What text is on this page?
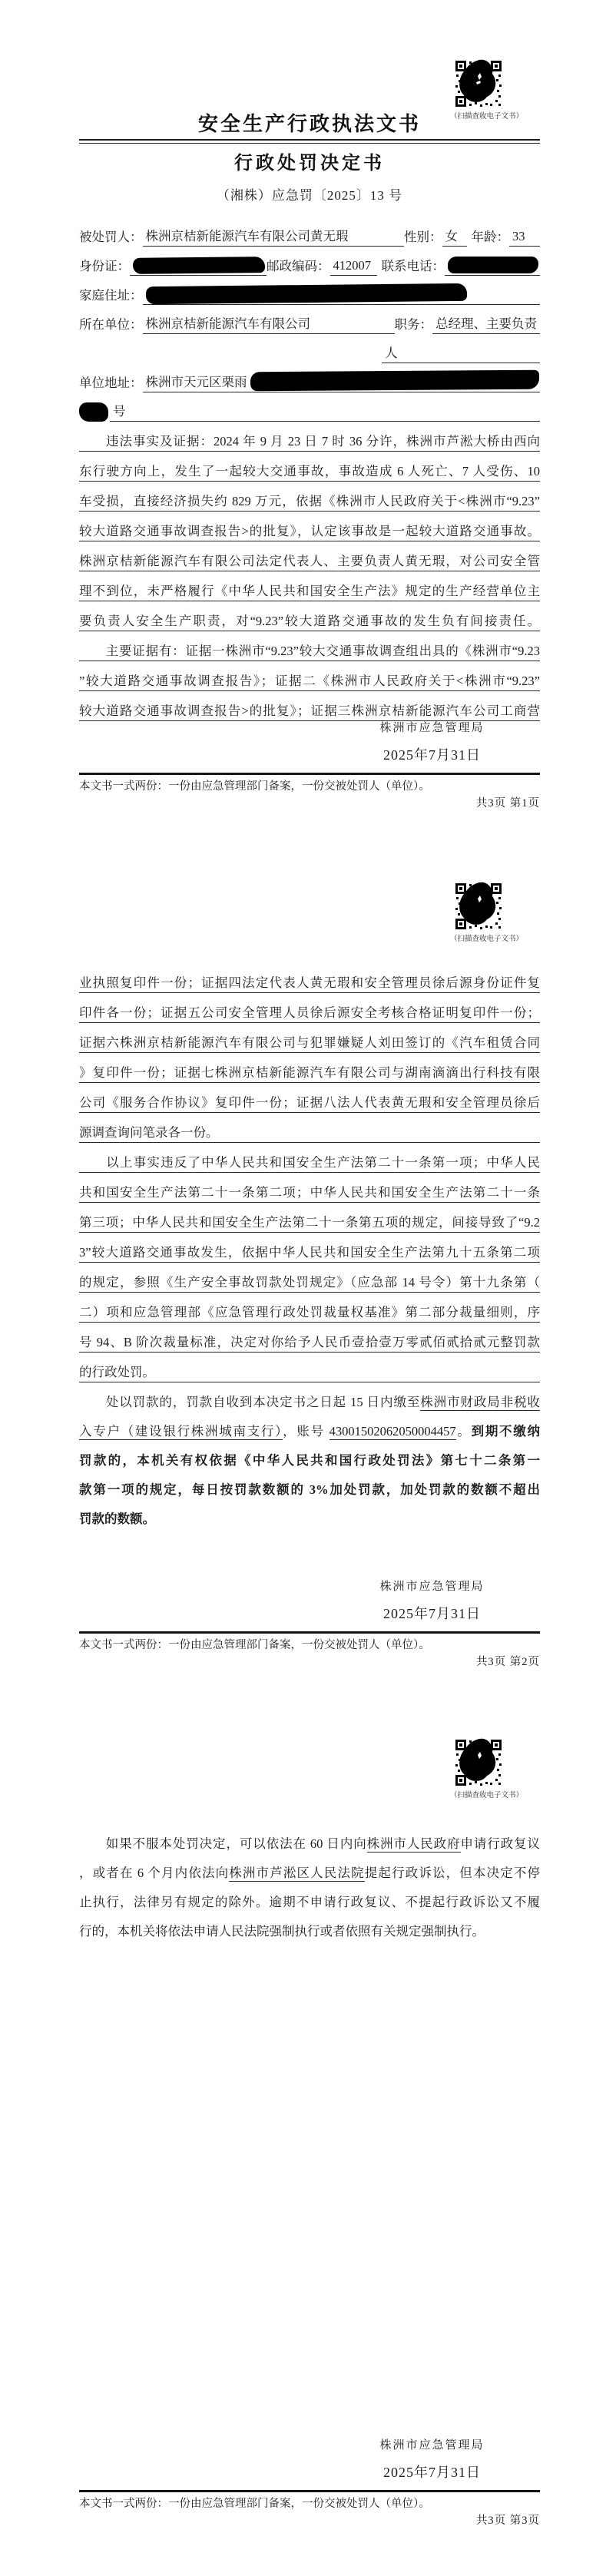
（扫描查收电子文书）
安全生产行政执法文书
行政处罚决定书
（湘株）应急罚〔2025〕13 号
被处罚人： 株洲京桔新能源汽车有限公司黄无瑕	性别： 女	年龄： 33
身份证：	邮政编码： 412007 联系电话：
家庭住址：
所在单位： 株洲京桔新能源汽车有限公司	职务： 总经理、主要负责
人
单位地址： 株洲市天元区栗雨
号
　　违法事实及证据：2024 年 9 月 23 日 7 时 36 分许，株洲市芦淞大桥由西向
东行驶方向上，发生了一起较大交通事故，事故造成 6 人死亡、7 人受伤、10
车受损，直接经济损失约 829 万元，依据《株洲市人民政府关于<株洲市“9.23”
较大道路交通事故调查报告>的批复》，认定该事故是一起较大道路交通事故。
株洲京桔新能源汽车有限公司法定代表人、主要负责人黄无瑕，对公司安全管
理不到位，未严格履行《中华人民共和国安全生产法》规定的生产经营单位主
要负责人安全生产职责，对“9.23”较大道路交通事故的发生负有间接责任。
　　主要证据有：证据一株洲市“9.23”较大交通事故调查组出具的《株洲市“9.23
”较大道路交通事故调查报告》；证据二《株洲市人民政府关于<株洲市“9.23”
较大道路交通事故调查报告>的批复》；证据三株洲京桔新能源汽车公司工商营
株洲市应急管理局
2025年7月31日
本文书一式两份：一份由应急管理部门备案，一份交被处罚人（单位）。
共3页 第1页
（扫描查收电子文书）
业执照复印件一份；证据四法定代表人黄无瑕和安全管理员徐后源身份证件复
印件各一份；证据五公司安全管理人员徐后源安全考核合格证明复印件一份；
证据六株洲京桔新能源汽车有限公司与犯罪嫌疑人刘田签订的《汽车租赁合同
》复印件一份；证据七株洲京桔新能源汽车有限公司与湖南滴滴出行科技有限
公司《服务合作协议》复印件一份；证据八法人代表黄无瑕和安全管理员徐后
源调查询问笔录各一份。
　　以上事实违反了中华人民共和国安全生产法第二十一条第一项；中华人民
共和国安全生产法第二十一条第二项；中华人民共和国安全生产法第二十一条
第三项；中华人民共和国安全生产法第二十一条第五项的规定，间接导致了“9.2
3”较大道路交通事故发生，依据中华人民共和国安全生产法第九十五条第二项
的规定，参照《生产安全事故罚款处罚规定》（应急部 14 号令）第十九条第（
二）项和应急管理部《应急管理行政处罚裁量权基准》第二部分裁量细则，序
号 94、B 阶次裁量标准，决定对你给予人民币壹拾壹万零贰佰贰拾贰元整罚款
的行政处罚。
　　处以罚款的，罚款自收到本决定书之日起 15 日内缴至株洲市财政局非税收
入专户（建设银行株洲城南支行），账号 43001502062050004457。到期不缴纳
罚款的，本机关有权依据《中华人民共和国行政处罚法》第七十二条第一
款第一项的规定，每日按罚款数额的 3%加处罚款，加处罚款的数额不超出
罚款的数额。
株洲市应急管理局
2025年7月31日
本文书一式两份：一份由应急管理部门备案，一份交被处罚人（单位）。
共3页 第2页
（扫描查收电子文书）
　　如果不服本处罚决定，可以依法在 60 日内向株洲市人民政府申请行政复议
，或者在 6 个月内依法向株洲市芦淞区人民法院提起行政诉讼，但本决定不停
止执行，法律另有规定的除外。逾期不申请行政复议、不提起行政诉讼又不履
行的，本机关将依法申请人民法院强制执行或者依照有关规定强制执行。
株洲市应急管理局
2025年7月31日
本文书一式两份：一份由应急管理部门备案，一份交被处罚人（单位）。
共3页 第3页
